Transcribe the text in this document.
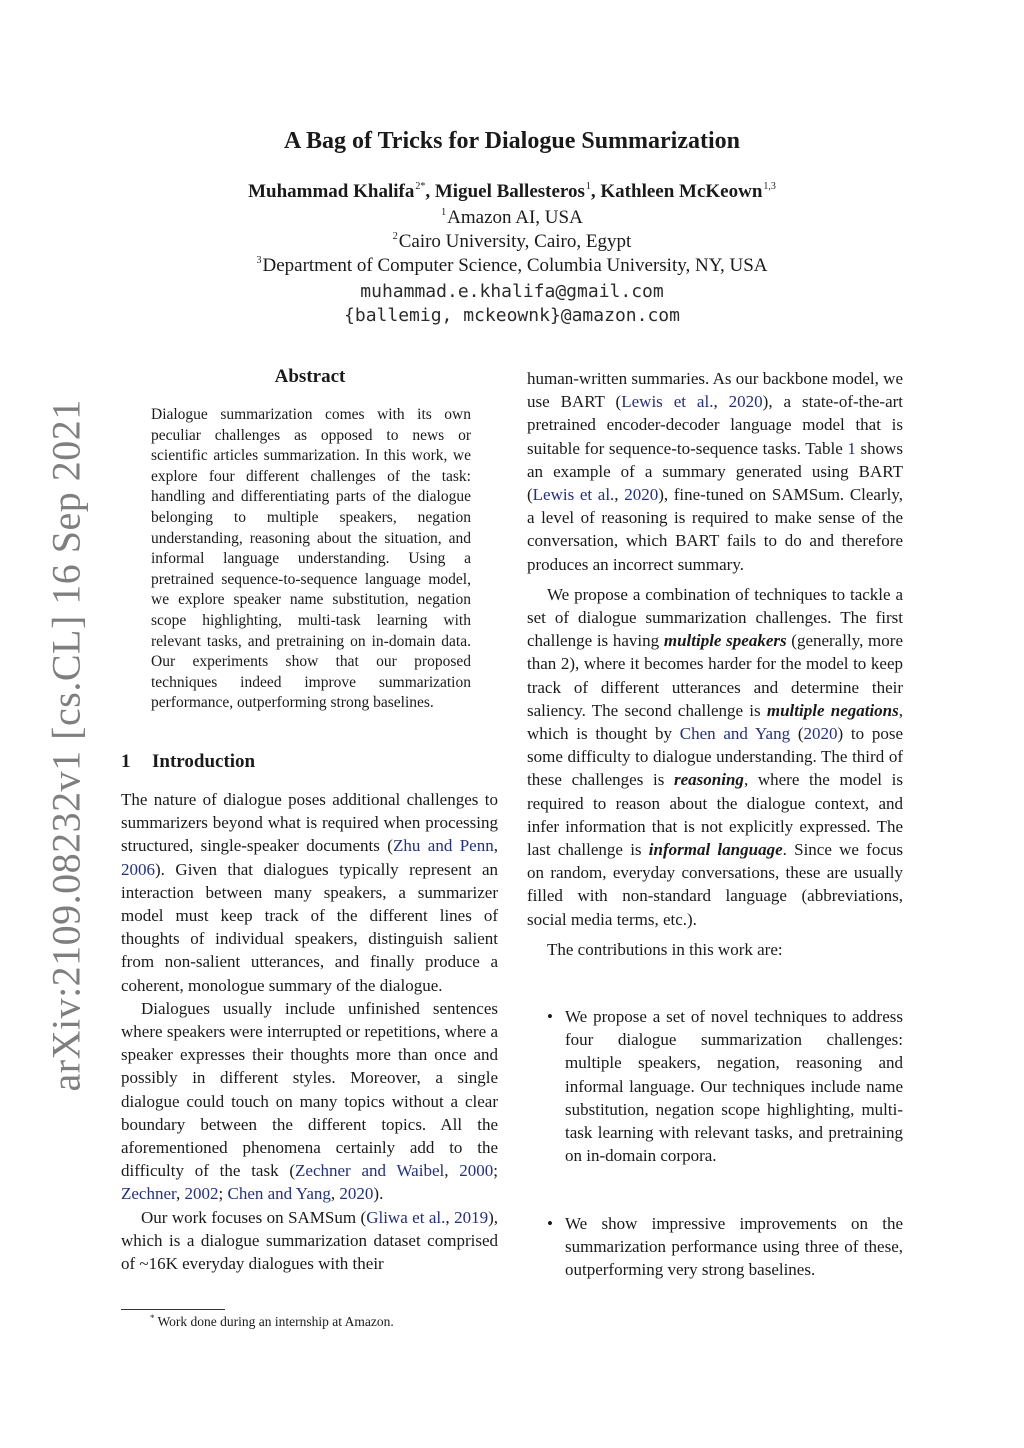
arXiv:2109.08232v1 [cs.CL] 16 Sep 2021
A Bag of Tricks for Dialogue Summarization
Muhammad Khalifa$^{2*}$, Miguel Ballesteros$^1$, Kathleen McKeown$^{1,3}$
$^1$Amazon AI, USA
$^2$Cairo University, Cairo, Egypt
$^3$Department of Computer Science, Columbia University, NY, USA
muhammad.e.khalifa@gmail.com
{ballemig, mckeownk}@amazon.com
Abstract
Dialogue summarization comes with its own peculiar challenges as opposed to news or scientific articles summarization. In this work, we explore four different challenges of the task: handling and differentiating parts of the dialogue belonging to multiple speakers, negation understanding, reasoning about the situation, and informal language understanding. Using a pretrained sequence-to-sequence language model, we explore speaker name substitution, negation scope highlighting, multi-task learning with relevant tasks, and pretraining on in-domain data. Our experiments show that our proposed techniques indeed improve summarization performance, outperforming strong baselines.
1 Introduction

The nature of dialogue poses additional challenges to summarizers beyond what is required when processing structured, single-speaker documents (Zhu and Penn, 2006). Given that dialogues typically represent an interaction between many speakers, a summarizer model must keep track of the different lines of thoughts of individual speakers, distinguish salient from non-salient utterances, and finally produce a coherent, monologue summary of the dialogue.

Dialogues usually include unfinished sentences where speakers were interrupted or repetitions, where a speaker expresses their thoughts more than once and possibly in different styles. Moreover, a single dialogue could touch on many topics without a clear boundary between the different topics. All the aforementioned phenomena certainly add to the difficulty of the task (Zechner and Waibel, 2000; Zechner, 2002; Chen and Yang, 2020).

Our work focuses on SAMSum (Gliwa et al., 2019), which is a dialogue summarization dataset comprised of ~16K everyday dialogues with their

human-written summaries. As our backbone model, we use BART (Lewis et al., 2020), a state-of-the-art pretrained encoder-decoder language model that is suitable for sequence-to-sequence tasks. Table 1 shows an example of a summary generated using BART (Lewis et al., 2020), fine-tuned on SAMSum. Clearly, a level of reasoning is required to make sense of the conversation, which BART fails to do and therefore produces an incorrect summary.

We propose a combination of techniques to tackle a set of dialogue summarization challenges. The first challenge is having multiple speakers (generally, more than 2), where it becomes harder for the model to keep track of different utterances and determine their saliency. The second challenge is multiple negations, which is thought by Chen and Yang (2020) to pose some difficulty to dialogue understanding. The third of these challenges is reasoning, where the model is required to reason about the dialogue context, and infer information that is not explicitly expressed. The last challenge is informal language. Since we focus on random, everyday conversations, these are usually filled with non-standard language (abbreviations, social media terms, etc.).

The contributions in this work are:

• We propose a set of novel techniques to address four dialogue summarization challenges: multiple speakers, negation, reasoning and informal language. Our techniques include name substitution, negation scope highlighting, multi-task learning with relevant tasks, and pretraining on in-domain corpora.

• We show impressive improvements on the summarization performance using three of these, outperforming very strong baselines.

* Work done during an internship at Amazon.
